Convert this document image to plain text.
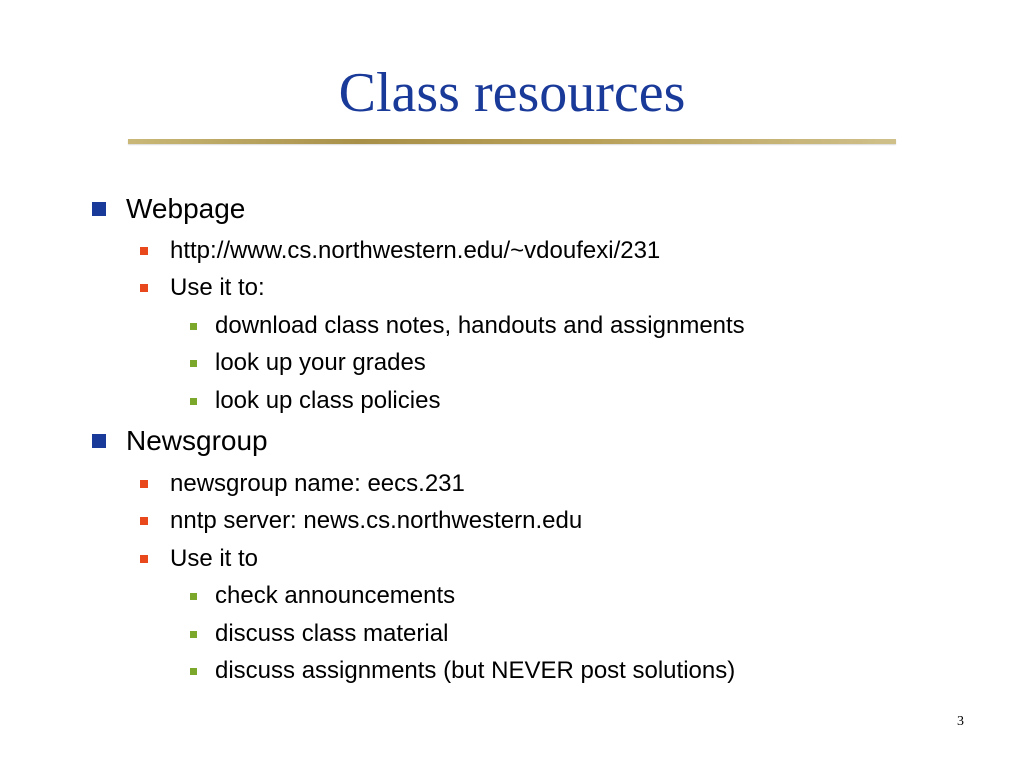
Class resources
Webpage
http://www.cs.northwestern.edu/~vdoufexi/231
Use it to:
download class notes, handouts and assignments
look up your grades
look up class policies
Newsgroup
newsgroup name: eecs.231
nntp server: news.cs.northwestern.edu
Use it to
check announcements
discuss class material
discuss assignments (but NEVER post solutions)
3
